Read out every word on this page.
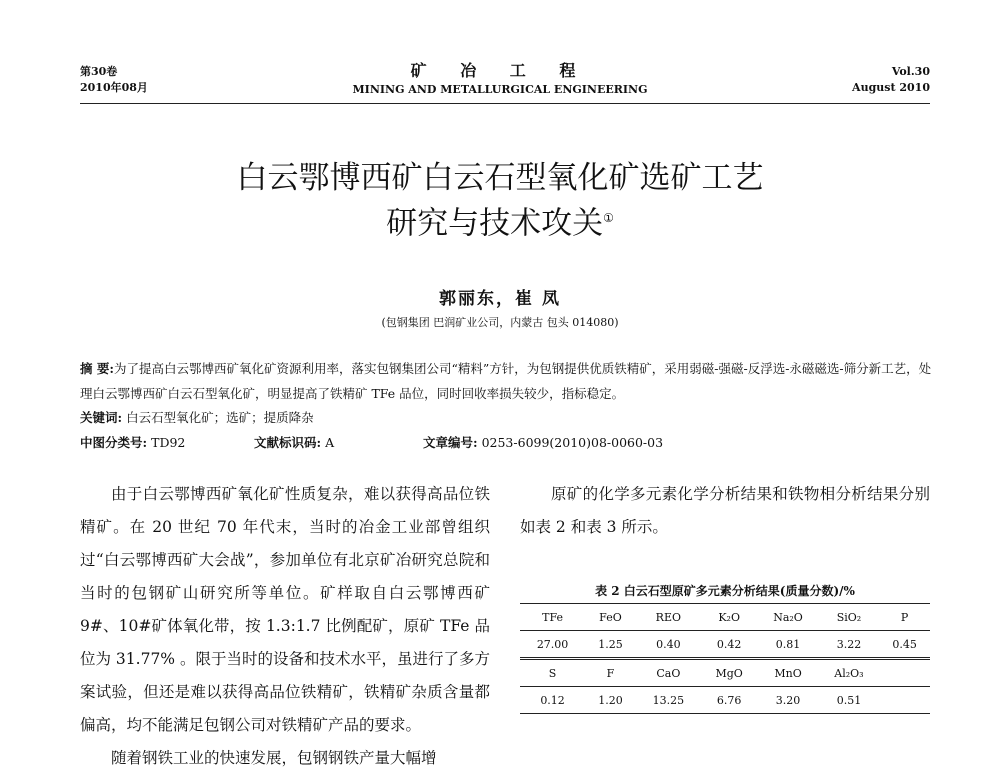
第30卷
2010年08月
矿 冶 工 程
MINING AND METALLURGICAL ENGINEERING
Vol.30
August 2010
白云鄂博西矿白云石型氧化矿选矿工艺
研究与技术攻关①
郭丽东，崔 凤
(包钢集团 巴润矿业公司，内蒙古 包头 014080)
摘 要:为了提高白云鄂博西矿氧化矿资源利用率，落实包钢集团公司“精料”方针，为包钢提供优质铁精矿，采用弱磁-强磁-反浮选-永磁磁选-筛分新工艺，处理白云鄂博西矿白云石型氧化矿，明显提高了铁精矿 TFe 品位，同时回收率损失较少，指标稳定。
关键词: 白云石型氧化矿；选矿；提质降杂
中图分类号: TD92	文献标识码: A	文章编号: 0253-6099(2010)08-0060-03

由于白云鄂博西矿氧化矿性质复杂，难以获得高品位铁精矿。在 20 世纪 70 年代末，当时的冶金工业部曾组织过“白云鄂博西矿大会战”，参加单位有北京矿冶研究总院和当时的包钢矿山研究所等单位。矿样取自白云鄂博西矿 9#、10#矿体氧化带，按 1.3:1.7 比例配矿，原矿 TFe 品位为 31.77% 。限于当时的设备和技术水平，虽进行了多方案试验，但还是难以获得高品位铁精矿，铁精矿杂质含量都偏高，均不能满足包钢公司对铁精矿产品的要求。

随着钢铁工业的快速发展，包钢钢铁产量大幅增

原矿的化学多元素化学分析结果和铁物相分析结果分别如表 2 和表 3 所示。

表 2 白云石型原矿多元素分析结果(质量分数)/%
TFe	FeO	REO	K₂O	Na₂O	SiO₂	P
27.00	1.25	0.40	0.42	0.81	3.22	0.45
S	F	CaO	MgO	MnO	Al₂O₃	
0.12	1.20	13.25	6.76	3.20	0.51	
